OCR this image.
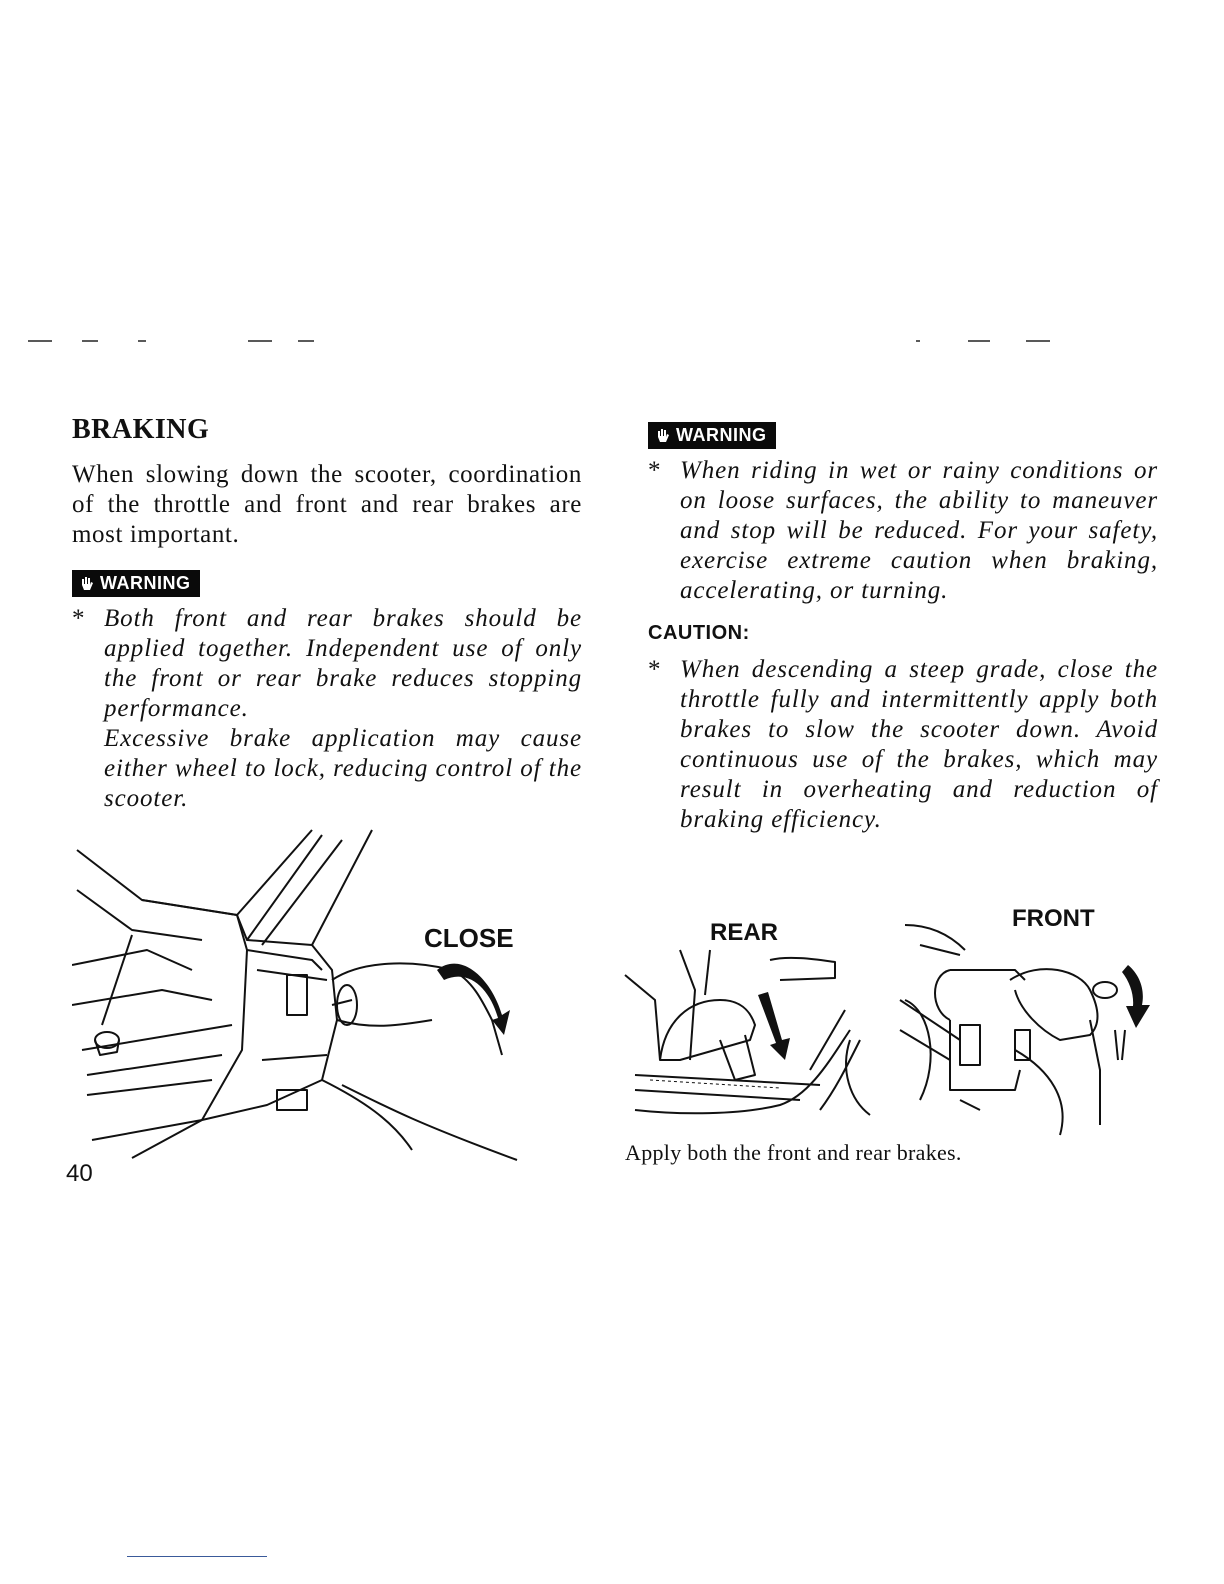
BRAKING

When slowing down the scooter, coordination of the throttle and front and rear brakes are most important.

WARNING
* Both front and rear brakes should be applied together. Independent use of only the front or rear brake reduces stopping performance.

Excessive brake application may cause either wheel to lock, reducing control of the scooter.

CLOSE
40
WARNING
* When riding in wet or rainy conditions or on loose surfaces, the ability to maneuver and stop will be reduced. For your safety, exercise extreme caution when braking, accelerating, or turning.

CAUTION:
* When descending a steep grade, close the throttle fully and intermittently apply both brakes to slow the scooter down. Avoid continuous use of the brakes, which may result in overheating and reduction of braking efficiency.

REAR
FRONT
Apply both the front and rear brakes.
